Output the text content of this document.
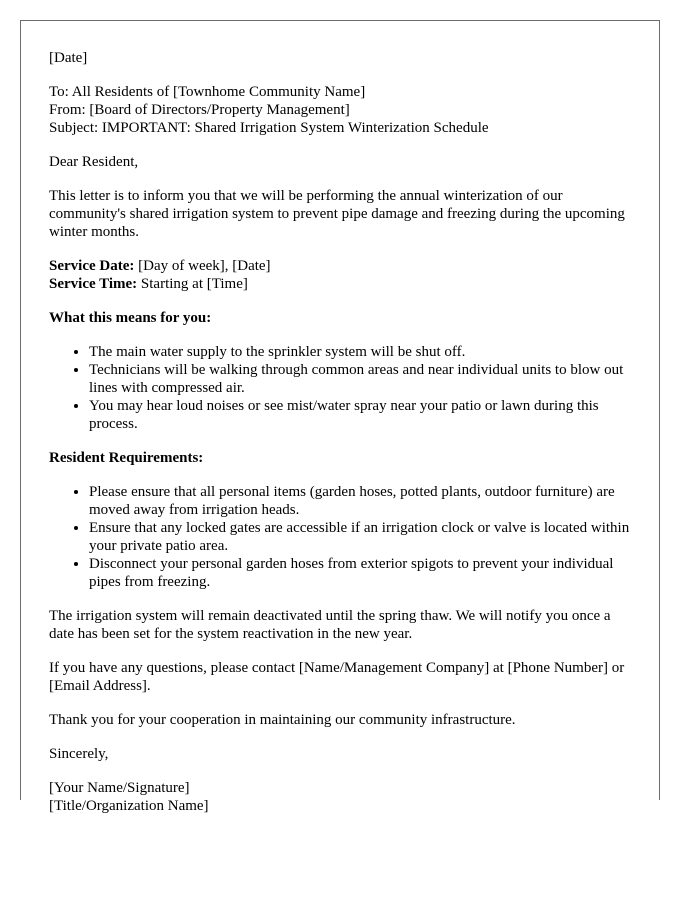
[Date]

To: All Residents of [Townhome Community Name]
From: [Board of Directors/Property Management]
Subject: IMPORTANT: Shared Irrigation System Winterization Schedule

Dear Resident,

This letter is to inform you that we will be performing the annual winterization of our community's shared irrigation system to prevent pipe damage and freezing during the upcoming winter months.

Service Date: [Day of week], [Date]
Service Time: Starting at [Time]

What this means for you:
• The main water supply to the sprinkler system will be shut off.
• Technicians will be walking through common areas and near individual units to blow out lines with compressed air.
• You may hear loud noises or see mist/water spray near your patio or lawn during this process.
Resident Requirements:
• Please ensure that all personal items (garden hoses, potted plants, outdoor furniture) are moved away from irrigation heads.
• Ensure that any locked gates are accessible if an irrigation clock or valve is located within your private patio area.
• Disconnect your personal garden hoses from exterior spigots to prevent your individual pipes from freezing.

The irrigation system will remain deactivated until the spring thaw. We will notify you once a date has been set for the system reactivation in the new year.

If you have any questions, please contact [Name/Management Company] at [Phone Number] or [Email Address].

Thank you for your cooperation in maintaining our community infrastructure.

Sincerely,

[Your Name/Signature]
[Title/Organization Name]
